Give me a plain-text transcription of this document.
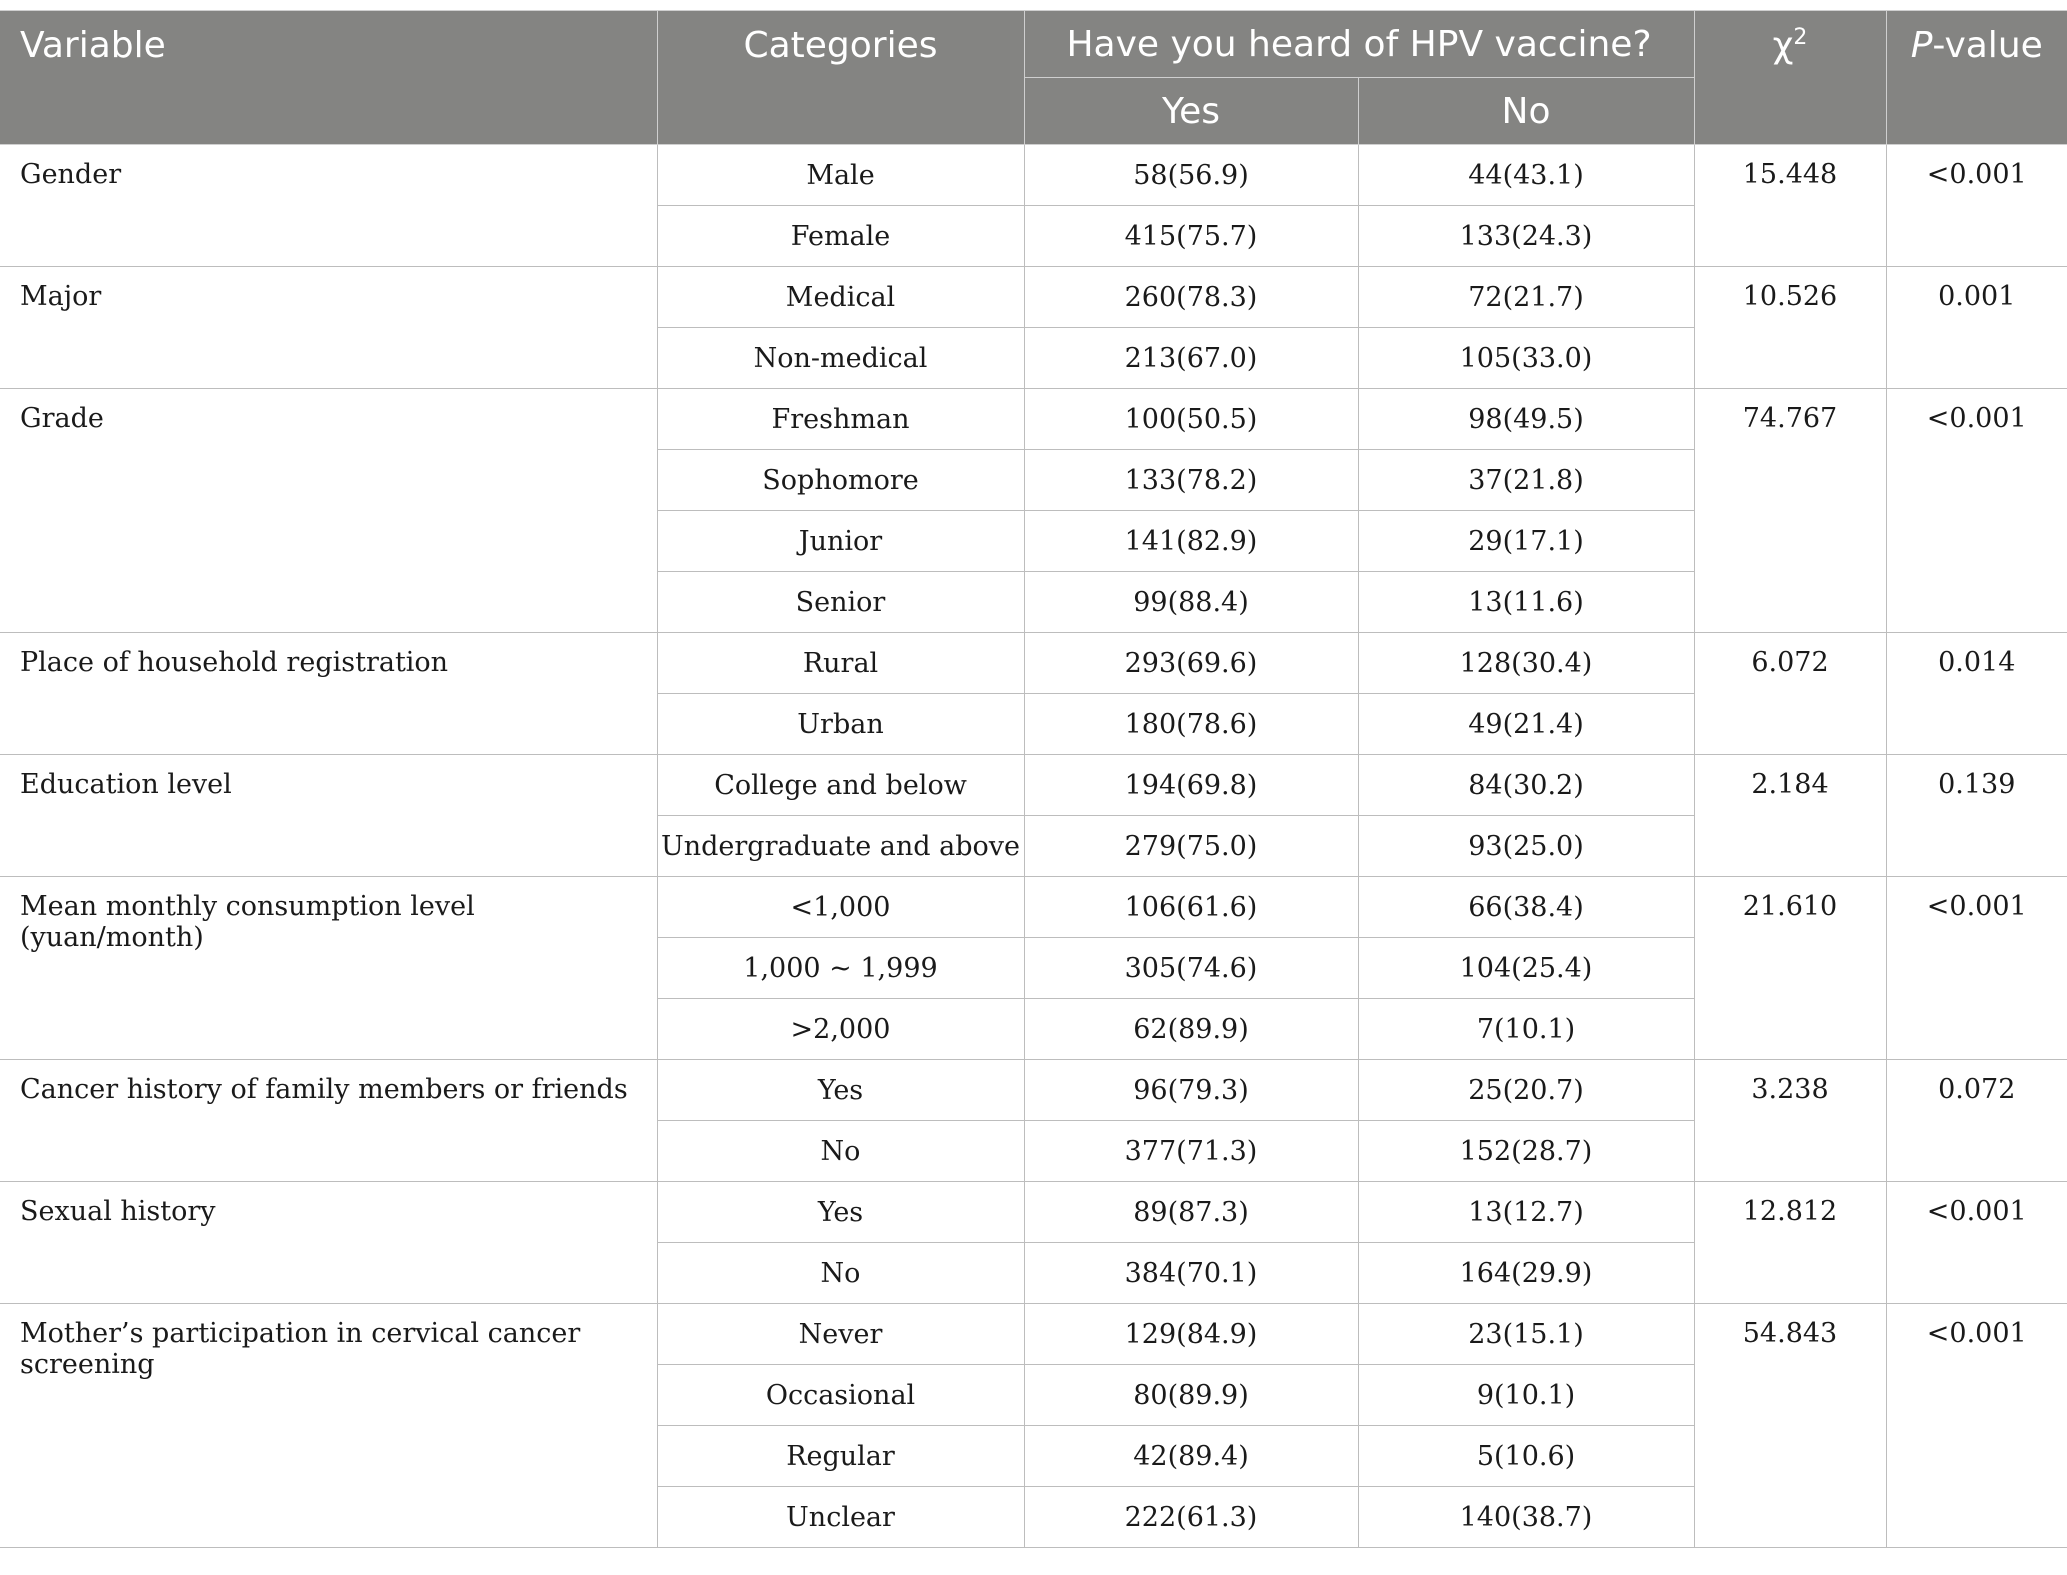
Variable	Categories	Have you heard of HPV vaccine?		$\chi^2$	P-value
		Yes	No		
Gender	Male	58(56.9)	44(43.1)	15.448	<0.001
	Female	415(75.7)	133(24.3)		
Major	Medical	260(78.3)	72(21.7)	10.526	0.001
	Non-medical	213(67.0)	105(33.0)		
Grade	Freshman	100(50.5)	98(49.5)	74.767	<0.001
	Sophomore	133(78.2)	37(21.8)		
	Junior	141(82.9)	29(17.1)		
	Senior	99(88.4)	13(11.6)		
Place of household registration	Rural	293(69.6)	128(30.4)	6.072	0.014
	Urban	180(78.6)	49(21.4)		
Education level	College and below	194(69.8)	84(30.2)	2.184	0.139
	Undergraduate and above	279(75.0)	93(25.0)		
Mean monthly consumption level (yuan/month)	<1,000	106(61.6)	66(38.4)	21.610	<0.001
	1,000 ~ 1,999	305(74.6)	104(25.4)		
	>2,000	62(89.9)	7(10.1)		
Cancer history of family members or friends	Yes	96(79.3)	25(20.7)	3.238	0.072
	No	377(71.3)	152(28.7)		
Sexual history	Yes	89(87.3)	13(12.7)	12.812	<0.001
	No	384(70.1)	164(29.9)		
Mother’s participation in cervical cancer screening	Never	129(84.9)	23(15.1)	54.843	<0.001
	Occasional	80(89.9)	9(10.1)		
	Regular	42(89.4)	5(10.6)		
	Unclear	222(61.3)	140(38.7)		
